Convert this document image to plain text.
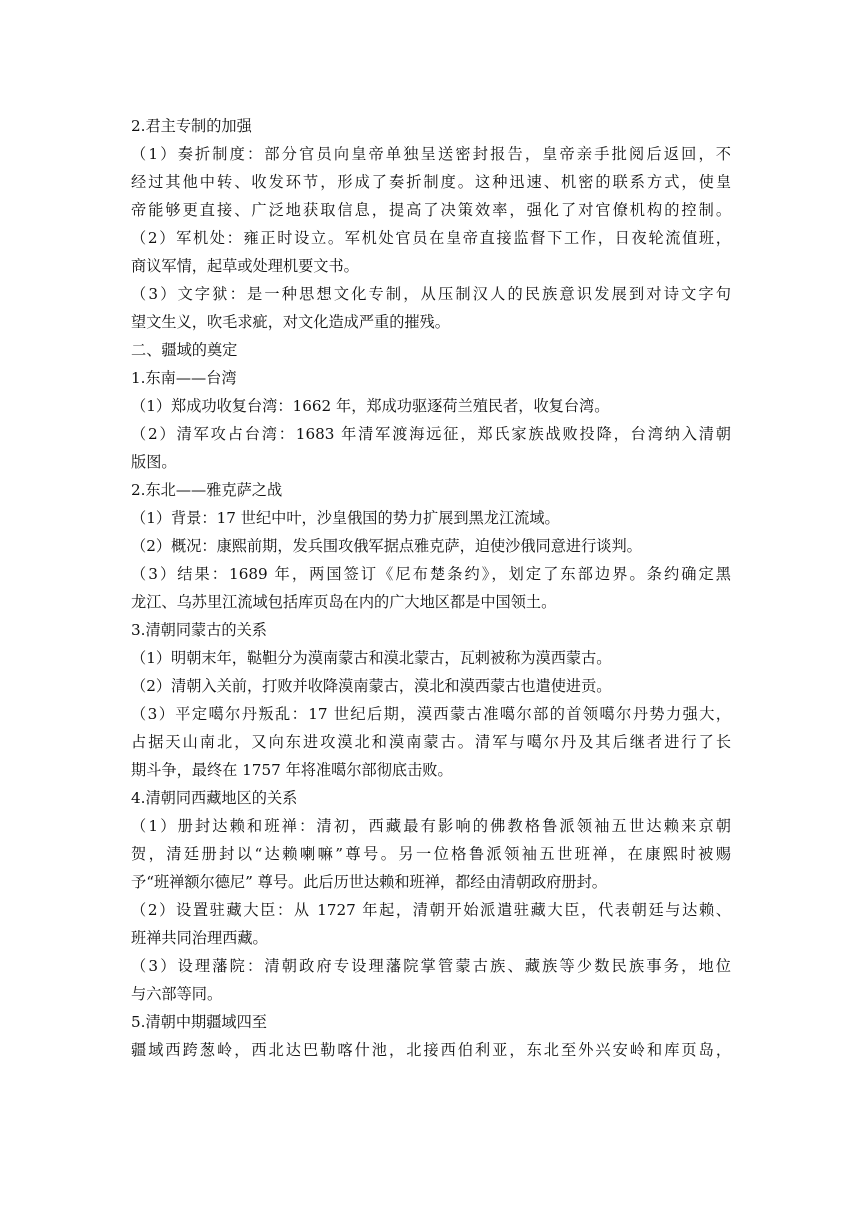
2.君主专制的加强
（1）奏折制度：部分官员向皇帝单独呈送密封报告，皇帝亲手批阅后返回，不
经过其他中转、收发环节，形成了奏折制度。这种迅速、机密的联系方式，使皇
帝能够更直接、广泛地获取信息，提高了决策效率，强化了对官僚机构的控制。
（2）军机处：雍正时设立。军机处官员在皇帝直接监督下工作，日夜轮流值班，
商议军情，起草或处理机要文书。
（3）文字狱：是一种思想文化专制，从压制汉人的民族意识发展到对诗文字句
望文生义，吹毛求疵，对文化造成严重的摧残。
二、疆域的奠定
1.东南——台湾
（1）郑成功收复台湾：1662 年，郑成功驱逐荷兰殖民者，收复台湾。
（2）清军攻占台湾：1683 年清军渡海远征，郑氏家族战败投降，台湾纳入清朝
版图。
2.东北——雅克萨之战
（1）背景：17 世纪中叶，沙皇俄国的势力扩展到黑龙江流域。
（2）概况：康熙前期，发兵围攻俄军据点雅克萨，迫使沙俄同意进行谈判。
（3）结果：1689 年，两国签订《尼布楚条约》，划定了东部边界。条约确定黑
龙江、乌苏里江流域包括库页岛在内的广大地区都是中国领土。
3.清朝同蒙古的关系
（1）明朝末年，鞑靼分为漠南蒙古和漠北蒙古，瓦剌被称为漠西蒙古。
（2）清朝入关前，打败并收降漠南蒙古，漠北和漠西蒙古也遣使进贡。
（3）平定噶尔丹叛乱：17 世纪后期，漠西蒙古准噶尔部的首领噶尔丹势力强大，
占据天山南北，又向东进攻漠北和漠南蒙古。清军与噶尔丹及其后继者进行了长
期斗争，最终在 1757 年将准噶尔部彻底击败。
4.清朝同西藏地区的关系
（1）册封达赖和班禅：清初，西藏最有影响的佛教格鲁派领袖五世达赖来京朝
贺，清廷册封以“达赖喇嘛”尊号。另一位格鲁派领袖五世班禅，在康熙时被赐
予“班禅额尔德尼” 尊号。此后历世达赖和班禅，都经由清朝政府册封。
（2）设置驻藏大臣：从 1727 年起，清朝开始派遣驻藏大臣，代表朝廷与达赖、
班禅共同治理西藏。
（3）设理藩院：清朝政府专设理藩院掌管蒙古族、藏族等少数民族事务，地位
与六部等同。
5.清朝中期疆域四至
疆域西跨葱岭，西北达巴勒喀什池，北接西伯利亚，东北至外兴安岭和库页岛，
